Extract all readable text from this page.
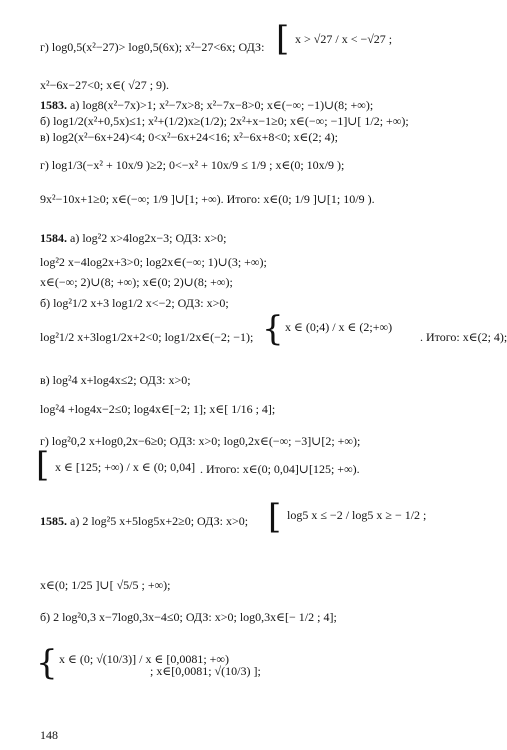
г) log0,5(x²−27)> log0,5(6x); x²−27<6x; ОДЗ: [ x > √27 / x < −√27 ;
x²−6x−27<0; x∈( √27 ; 9).
1583. а) log8(x²−7x)>1; x²−7x>8; x²−7x−8>0; x∈(−∞; −1)∪(8; +∞);
б) log1/2(x²+0,5x)≤1; x²+(1/2)x≥(1/2); 2x²+x−1≥0; x∈(−∞; −1]∪[ 1/2; +∞);
в) log2(x²−6x+24)<4; 0<x²−6x+24<16; x²−6x+8<0; x∈(2; 4);
г) log1/3(−x² + 10x/9 )≥2; 0<−x² + 10x/9 ≤ 1/9 ; x∈(0; 10x/9 );
9x²−10x+1≥0; x∈(−∞; 1/9 ]∪[1; +∞). Итого: x∈(0; 1/9 ]∪[1; 10/9 ).
1584. а) log²2 x>4log2x−3; ОДЗ: x>0;
log²2 x−4log2x+3>0; log2x∈(−∞; 1)∪(3; +∞);
x∈(−∞; 2)∪(8; +∞); x∈(0; 2)∪(8; +∞);
б) log²1/2 x+3 log1/2 x<−2; ОДЗ: x>0;
log²1/2 x+3log1/2x+2<0; log1/2x∈(−2; −1); { x ∈ (0;4) / x ∈ (2;+∞)
. Итого: x∈(2; 4);
в) log²4 x+log4x≤2; ОДЗ: x>0;
log²4 +log4x−2≤0; log4x∈[−2; 1]; x∈[ 1/16 ; 4];
г) log²0,2 x+log0,2x−6≥0; ОДЗ: x>0; log0,2x∈(−∞; −3]∪[2; +∞);
[ x ∈ [125; +∞) / x ∈ (0; 0,04] . Итого: x∈(0; 0,04]∪[125; +∞).
1585. а) 2 log²5 x+5log5x+2≥0; ОДЗ: x>0; [ log5 x ≤ −2 / log5 x ≥ − 1/2 ;
x∈(0; 1/25 ]∪[ √5/5 ; +∞);
б) 2 log²0,3 x−7log0,3x−4≤0; ОДЗ: x>0; log0,3x∈[− 1/2 ; 4];
{ x ∈ (0; √(10/3)] / x ∈ [0,0081; +∞)
; x∈[0,0081; √(10/3) ];
148
